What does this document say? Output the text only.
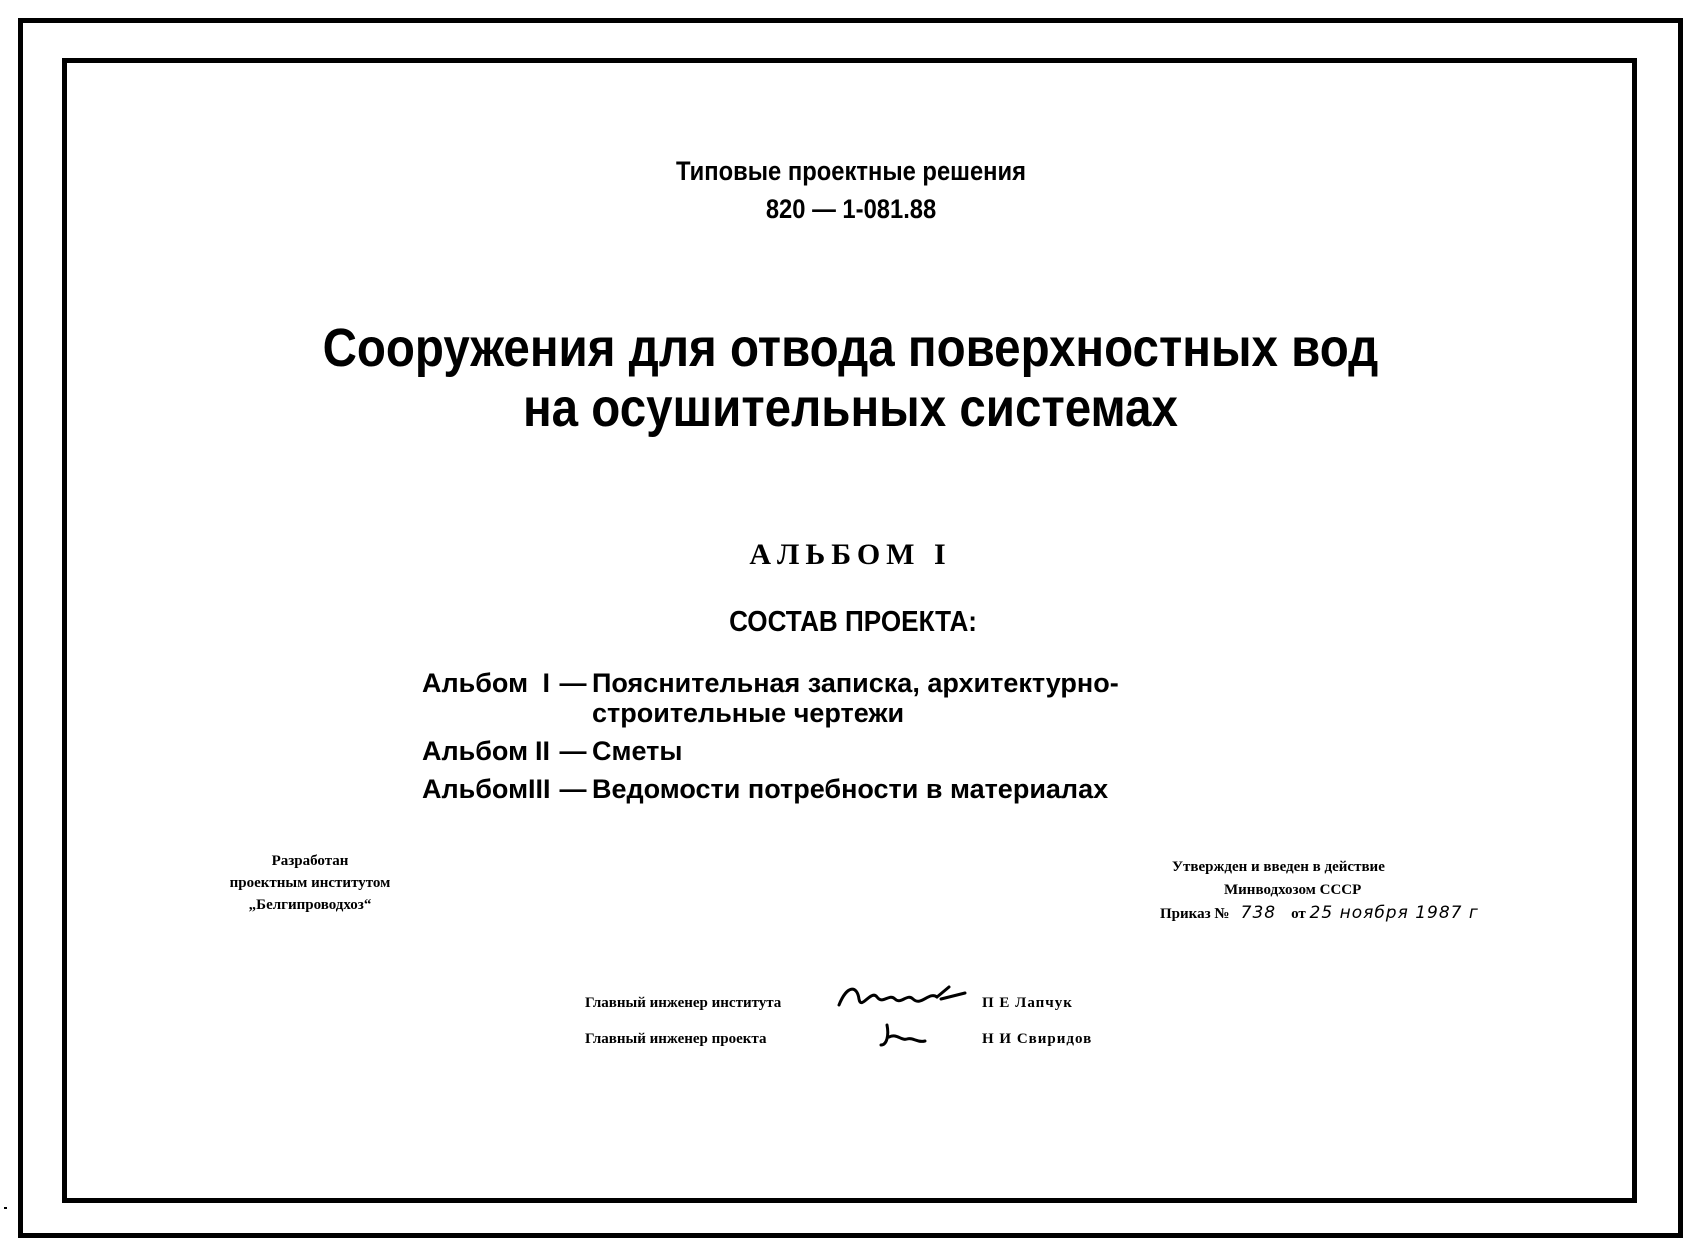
Типовые проектные решения
820 — 1-081.88
Сооружения для отвода поверхностных вод
на осушительных системах
АЛЬБОМ I
СОСТАВ ПРОЕКТА:
Альбом I — Пояснительная записка, архитектурно-строительные чертежи
Альбом II — Сметы
Альбом III — Ведомости потребности в материалах
Разработан
проектным институтом
„Белгипроводхоз“
Утвержден и введен в действие
Минводхозом СССР
Приказ № 738 от 25 ноября 1987 г
Главный инженер института	П Е Лапчук
Главный инженер проекта	Н И Свиридов
